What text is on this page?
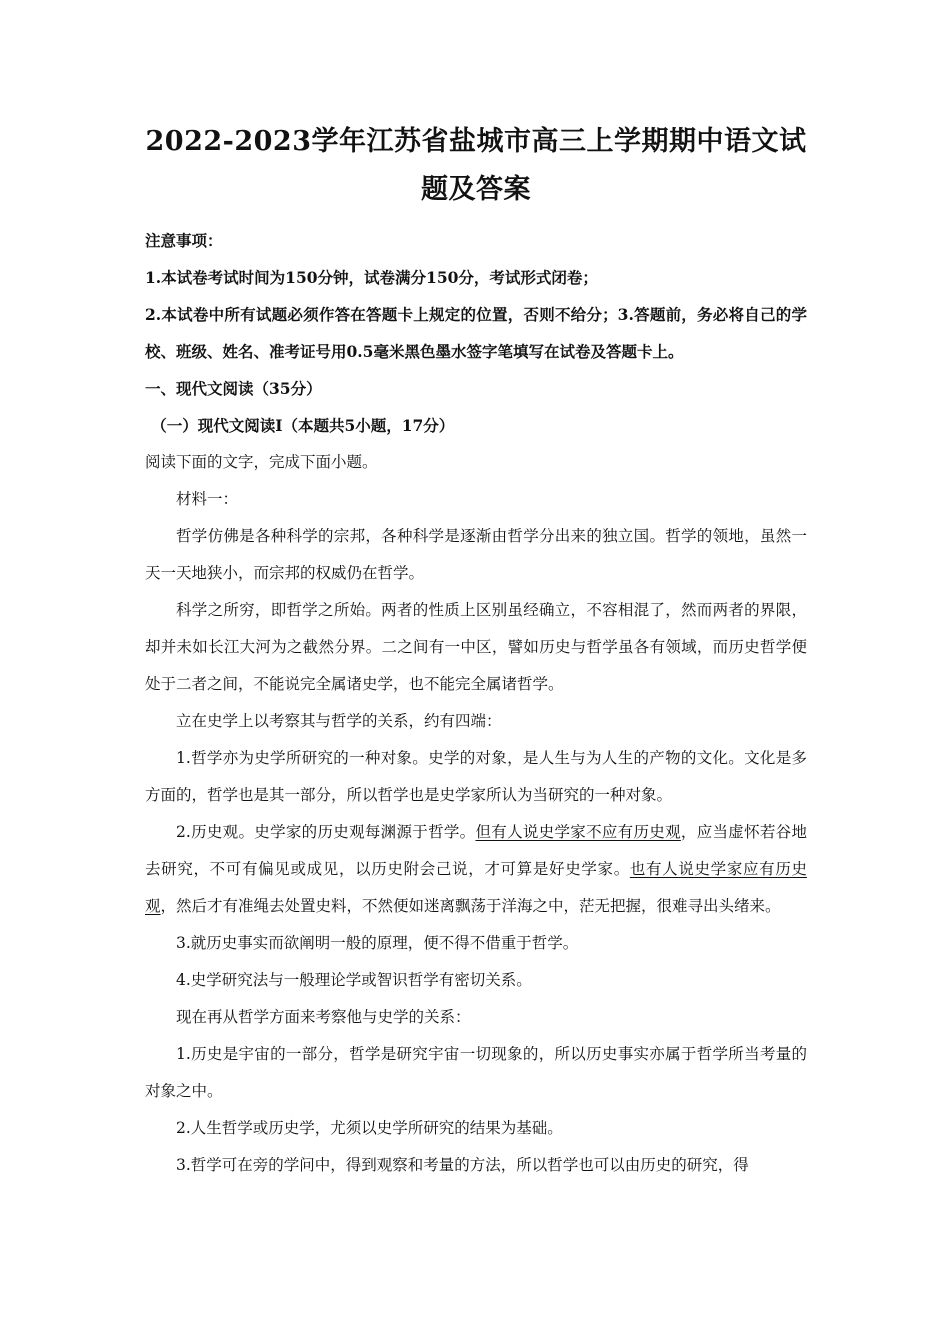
2022-2023学年江苏省盐城市高三上学期期中语文试题及答案

注意事项：

1.本试卷考试时间为150分钟，试卷满分150分，考试形式闭卷；

2.本试卷中所有试题必须作答在答题卡上规定的位置，否则不给分；3.答题前，务必将自己的学校、班级、姓名、准考证号用0.5毫米黑色墨水签字笔填写在试卷及答题卡上。

一、现代文阅读（35分）

（一）现代文阅读Ⅰ（本题共5小题，17分）

阅读下面的文字，完成下面小题。

材料一：

哲学仿佛是各种科学的宗邦，各种科学是逐渐由哲学分出来的独立国。哲学的领地，虽然一天一天地狭小，而宗邦的权威仍在哲学。

科学之所穷，即哲学之所始。两者的性质上区别虽经确立，不容相混了，然而两者的界限，却并未如长江大河为之截然分界。二之间有一中区，譬如历史与哲学虽各有领域，而历史哲学便处于二者之间，不能说完全属诸史学，也不能完全属诸哲学。

立在史学上以考察其与哲学的关系，约有四端：

1.哲学亦为史学所研究的一种对象。史学的对象，是人生与为人生的产物的文化。文化是多方面的，哲学也是其一部分，所以哲学也是史学家所认为当研究的一种对象。

2.历史观。史学家的历史观每渊源于哲学。但有人说史学家不应有历史观，应当虚怀若谷地去研究，不可有偏见或成见，以历史附会己说，才可算是好史学家。也有人说史学家应有历史观，然后才有准绳去处置史料，不然便如迷离飘荡于洋海之中，茫无把握，很难寻出头绪来。

3.就历史事实而欲阐明一般的原理，便不得不借重于哲学。

4.史学研究法与一般理论学或智识哲学有密切关系。

现在再从哲学方面来考察他与史学的关系：

1.历史是宇宙的一部分，哲学是研究宇宙一切现象的，所以历史事实亦属于哲学所当考量的对象之中。

2.人生哲学或历史学，尤须以史学所研究的结果为基础。

3.哲学可在旁的学问中，得到观察和考量的方法，所以哲学也可以由历史的研究，得
